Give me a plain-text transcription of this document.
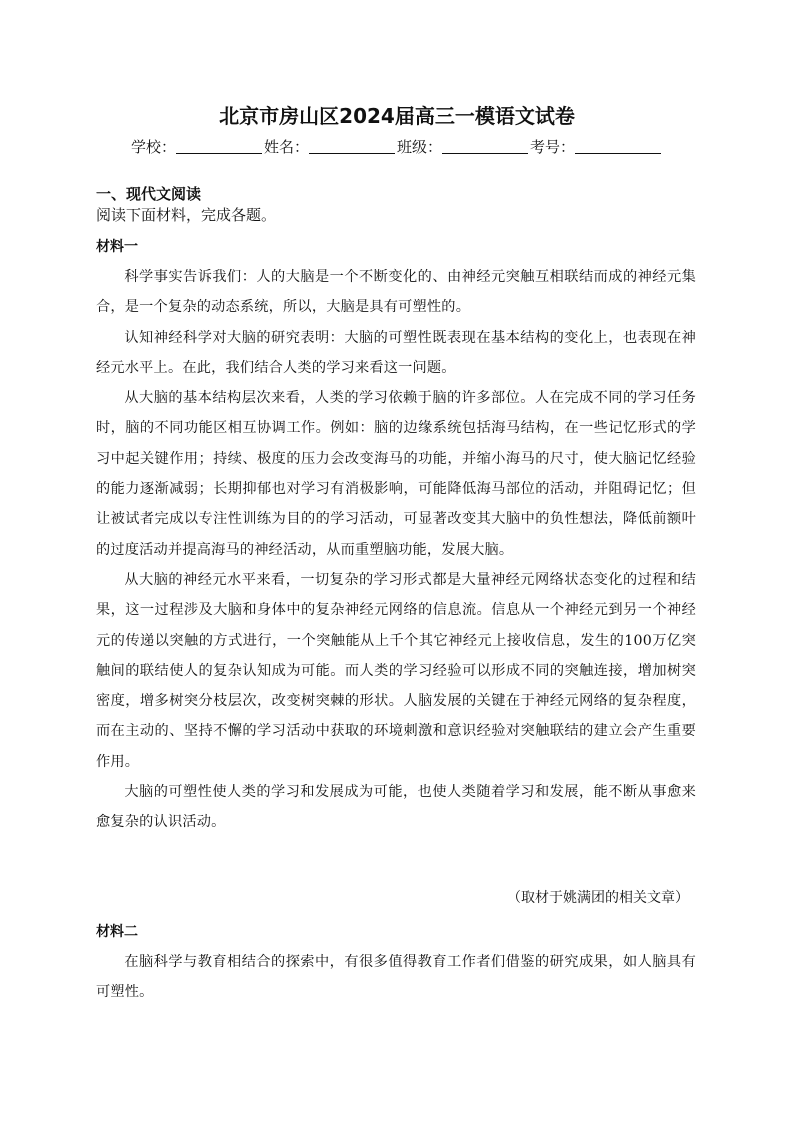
北京市房山区2024届高三一模语文试卷
学校：	姓名：	班级：	考号：
一、现代文阅读
阅读下面材料，完成各题。
材料一

科学事实告诉我们：人的大脑是一个不断变化的、由神经元突触互相联结而成的神经元集合，是一个复杂的动态系统，所以，大脑是具有可塑性的。

认知神经科学对大脑的研究表明：大脑的可塑性既表现在基本结构的变化上，也表现在神经元水平上。在此，我们结合人类的学习来看这一问题。

从大脑的基本结构层次来看，人类的学习依赖于脑的许多部位。人在完成不同的学习任务时，脑的不同功能区相互协调工作。例如：脑的边缘系统包括海马结构，在一些记忆形式的学习中起关键作用；持续、极度的压力会改变海马的功能，并缩小海马的尺寸，使大脑记忆经验的能力逐渐减弱；长期抑郁也对学习有消极影响，可能降低海马部位的活动，并阻碍记忆；但让被试者完成以专注性训练为目的的学习活动，可显著改变其大脑中的负性想法，降低前额叶的过度活动并提高海马的神经活动，从而重塑脑功能，发展大脑。

从大脑的神经元水平来看，一切复杂的学习形式都是大量神经元网络状态变化的过程和结果，这一过程涉及大脑和身体中的复杂神经元网络的信息流。信息从一个神经元到另一个神经元的传递以突触的方式进行，一个突触能从上千个其它神经元上接收信息，发生的100万亿突触间的联结使人的复杂认知成为可能。而人类的学习经验可以形成不同的突触连接，增加树突密度，增多树突分枝层次，改变树突棘的形状。人脑发展的关键在于神经元网络的复杂程度，而在主动的、坚持不懈的学习活动中获取的环境刺激和意识经验对突触联结的建立会产生重要作用。

大脑的可塑性使人类的学习和发展成为可能，也使人类随着学习和发展，能不断从事愈来愈复杂的认识活动。

（取材于姚满团的相关文章）
材料二

在脑科学与教育相结合的探索中，有很多值得教育工作者们借鉴的研究成果，如人脑具有可塑性。
